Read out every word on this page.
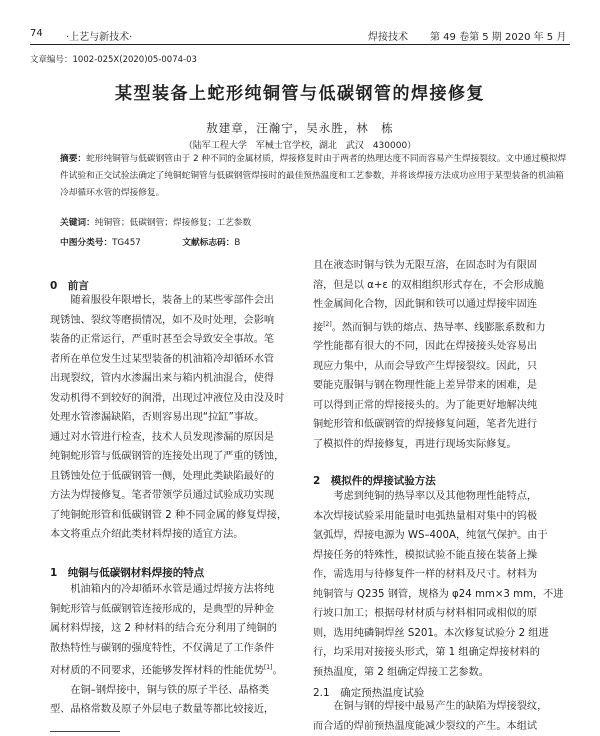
74 ·上艺与新技术·	焊接技术 第 49 卷第 5 期 2020 年 5 月
文章编号：1002-025X(2020)05-0074-03
某型装备上蛇形纯铜管与低碳钢管的焊接修复
敖建章，汪瀚宁，吴永胜，林　栋
（陆军工程大学　军械士官学校，湖北　武汉　430000）
摘要：蛇形纯铜管与低碳钢管由于 2 种不同的金属材质，焊接修复时由于两者的热理达度不同而容易产生焊接裂纹。文中通过模拟焊
件试验和正交试验法确定了纯铜蛇铜管与低碳钢管焊接时的最佳预热温度和工艺参数，并将该焊接方法成功应用于某型装备的机油箱
冷却循环水管的焊接修复。
关键词：纯铜管；低碳钢管；焊接修复；工艺参数
中图分类号：TG457	文献标志码：B
0　前言
　　随着服役年限增长，装备上的某些零部件会出
现锈蚀、裂纹等磨损情况，如不及时处理，会影响
装备的正常运行，严重时甚至会导致安全事故。笔
者所在单位发生过某型装备的机油箱冷却循环水管
出现裂纹，管内水渗漏出来与箱内机油混合，使得
发动机得不到较好的润滑，出现过冲液位及由没及时
处理水管渗漏缺陷，否则容易出现“拉缸”事故。
通过对水管进行检查，技术人员发现渗漏的原因是
纯铜蛇形管与低碳钢管的连接处出现了严重的锈蚀，
且锈蚀处位于低碳钢管一侧，处理此类缺陷最好的
方法为焊接修复。笔者带领学员通过试验成功实现
了纯铜蛇形管和低碳钢管 2 种不同金属的修复焊接，
本文将重点介绍此类材料焊接的适宜方法。
1　纯铜与低碳钢材料焊接的特点
　　机油箱内的冷却循环水管是通过焊接方法将纯
铜蛇形管与低碳钢管连接形成的，是典型的异种金
属材料焊接，这 2 种材料的结合充分利用了纯铜的
散热特性与碳钢的强度特性，不仅满足了工作条件
对材质的不同要求，还能够发挥材料的性能优势[1]。
　　在铜–钢焊接中，铜与铁的原子半径、晶格类
型、晶格常数及原子外层电子数量等都比较接近，
且在液态时铜与铁为无限互溶，在固态时为有限固
溶，但是以 α+ε 的双相组织形式存在，不会形成脆
性金属间化合物，因此铜和铁可以通过焊接牢固连
接[2]。然而铜与铁的熔点、热导率、线膨胀系数和力
学性能都有很大的不同，因此在焊接接头处容易出
现应力集中，从而会导致产生焊接裂纹。因此，只
要能克服铜与钢在物理性能上差异带来的困难，是
可以得到正常的焊接接头的。为了能更好地解决纯
铜蛇形管和低碳钢管的焊接修复问题，笔者先进行
了模拟件的焊接修复，再进行现场实际修复。
2　模拟件的焊接试验方法
　　考虑到纯铜的热导率以及其他物理性能特点，
本次焊接试验采用能量时电弧热量相对集中的钨极
氩弧焊，焊接电源为 WS–400A，纯氩气保护。由于
焊接任务的特殊性，模拟试验不能直接在装备上操
作，需选用与待修复件一样的材料及尺寸。材料为
纯铜管与 Q235 钢管，规格为 φ24 mm×3 mm，不进
行坡口加工；根据母材材质与材料相同或相似的原
则，选用纯磷铜焊丝 S201。本次修复试验分 2 组进
行，均采用对接接头形式，第 1 组确定焊接材料的
预热温度，第 2 组确定焊接工艺参数。
2.1　确定预热温度试验
　　在铜与钢的焊接中最易产生的缺陷为焊接裂纹，
而合适的焊前预热温度能减少裂纹的产生。本组试
